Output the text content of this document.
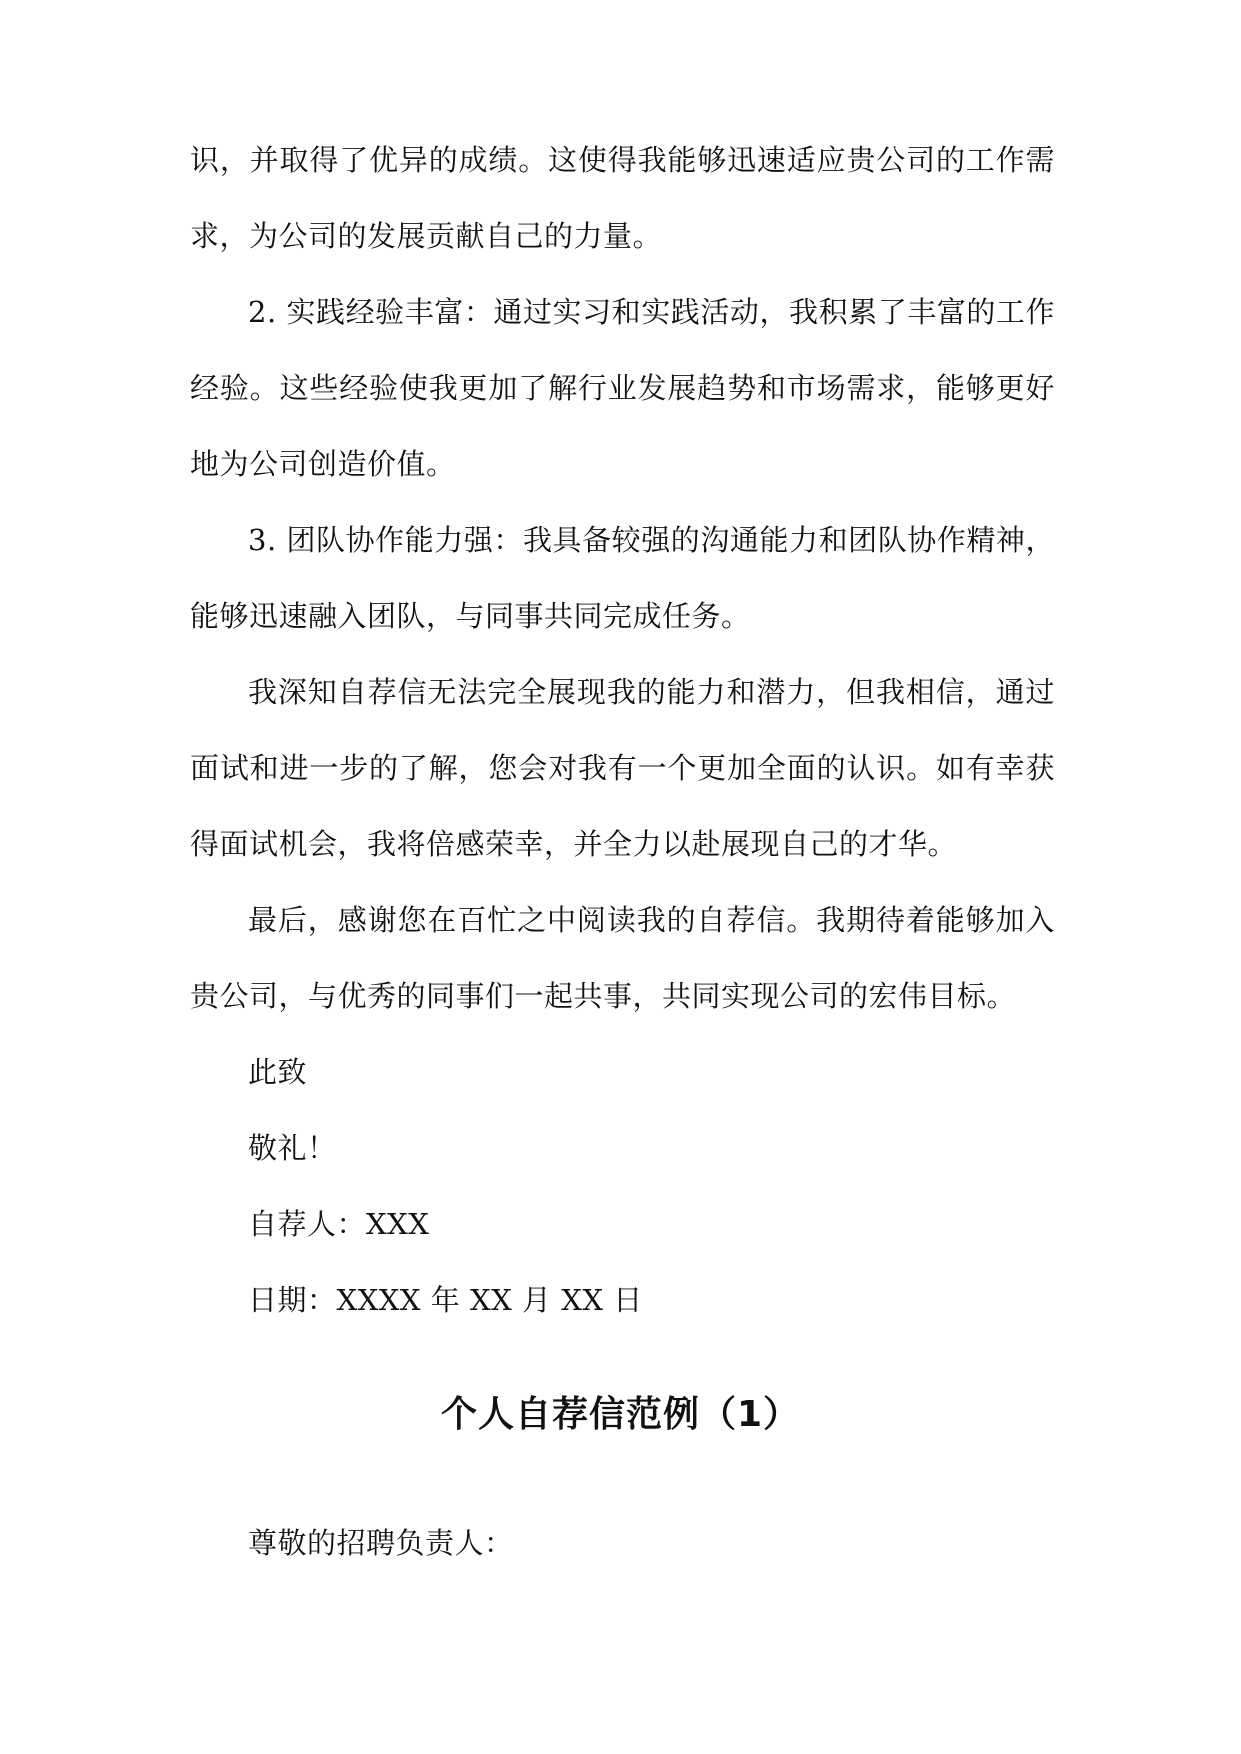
识，并取得了优异的成绩。这使得我能够迅速适应贵公司的工作需求，为公司的发展贡献自己的力量。

2. 实践经验丰富：通过实习和实践活动，我积累了丰富的工作经验。这些经验使我更加了解行业发展趋势和市场需求，能够更好地为公司创造价值。

3. 团队协作能力强：我具备较强的沟通能力和团队协作精神，能够迅速融入团队，与同事共同完成任务。

我深知自荐信无法完全展现我的能力和潜力，但我相信，通过面试和进一步的了解，您会对我有一个更加全面的认识。如有幸获得面试机会，我将倍感荣幸，并全力以赴展现自己的才华。

最后，感谢您在百忙之中阅读我的自荐信。我期待着能够加入贵公司，与优秀的同事们一起共事，共同实现公司的宏伟目标。

此致

敬礼！

自荐人：XXX

日期：XXXX 年 XX 月 XX 日

个人自荐信范例（1）

尊敬的招聘负责人：
